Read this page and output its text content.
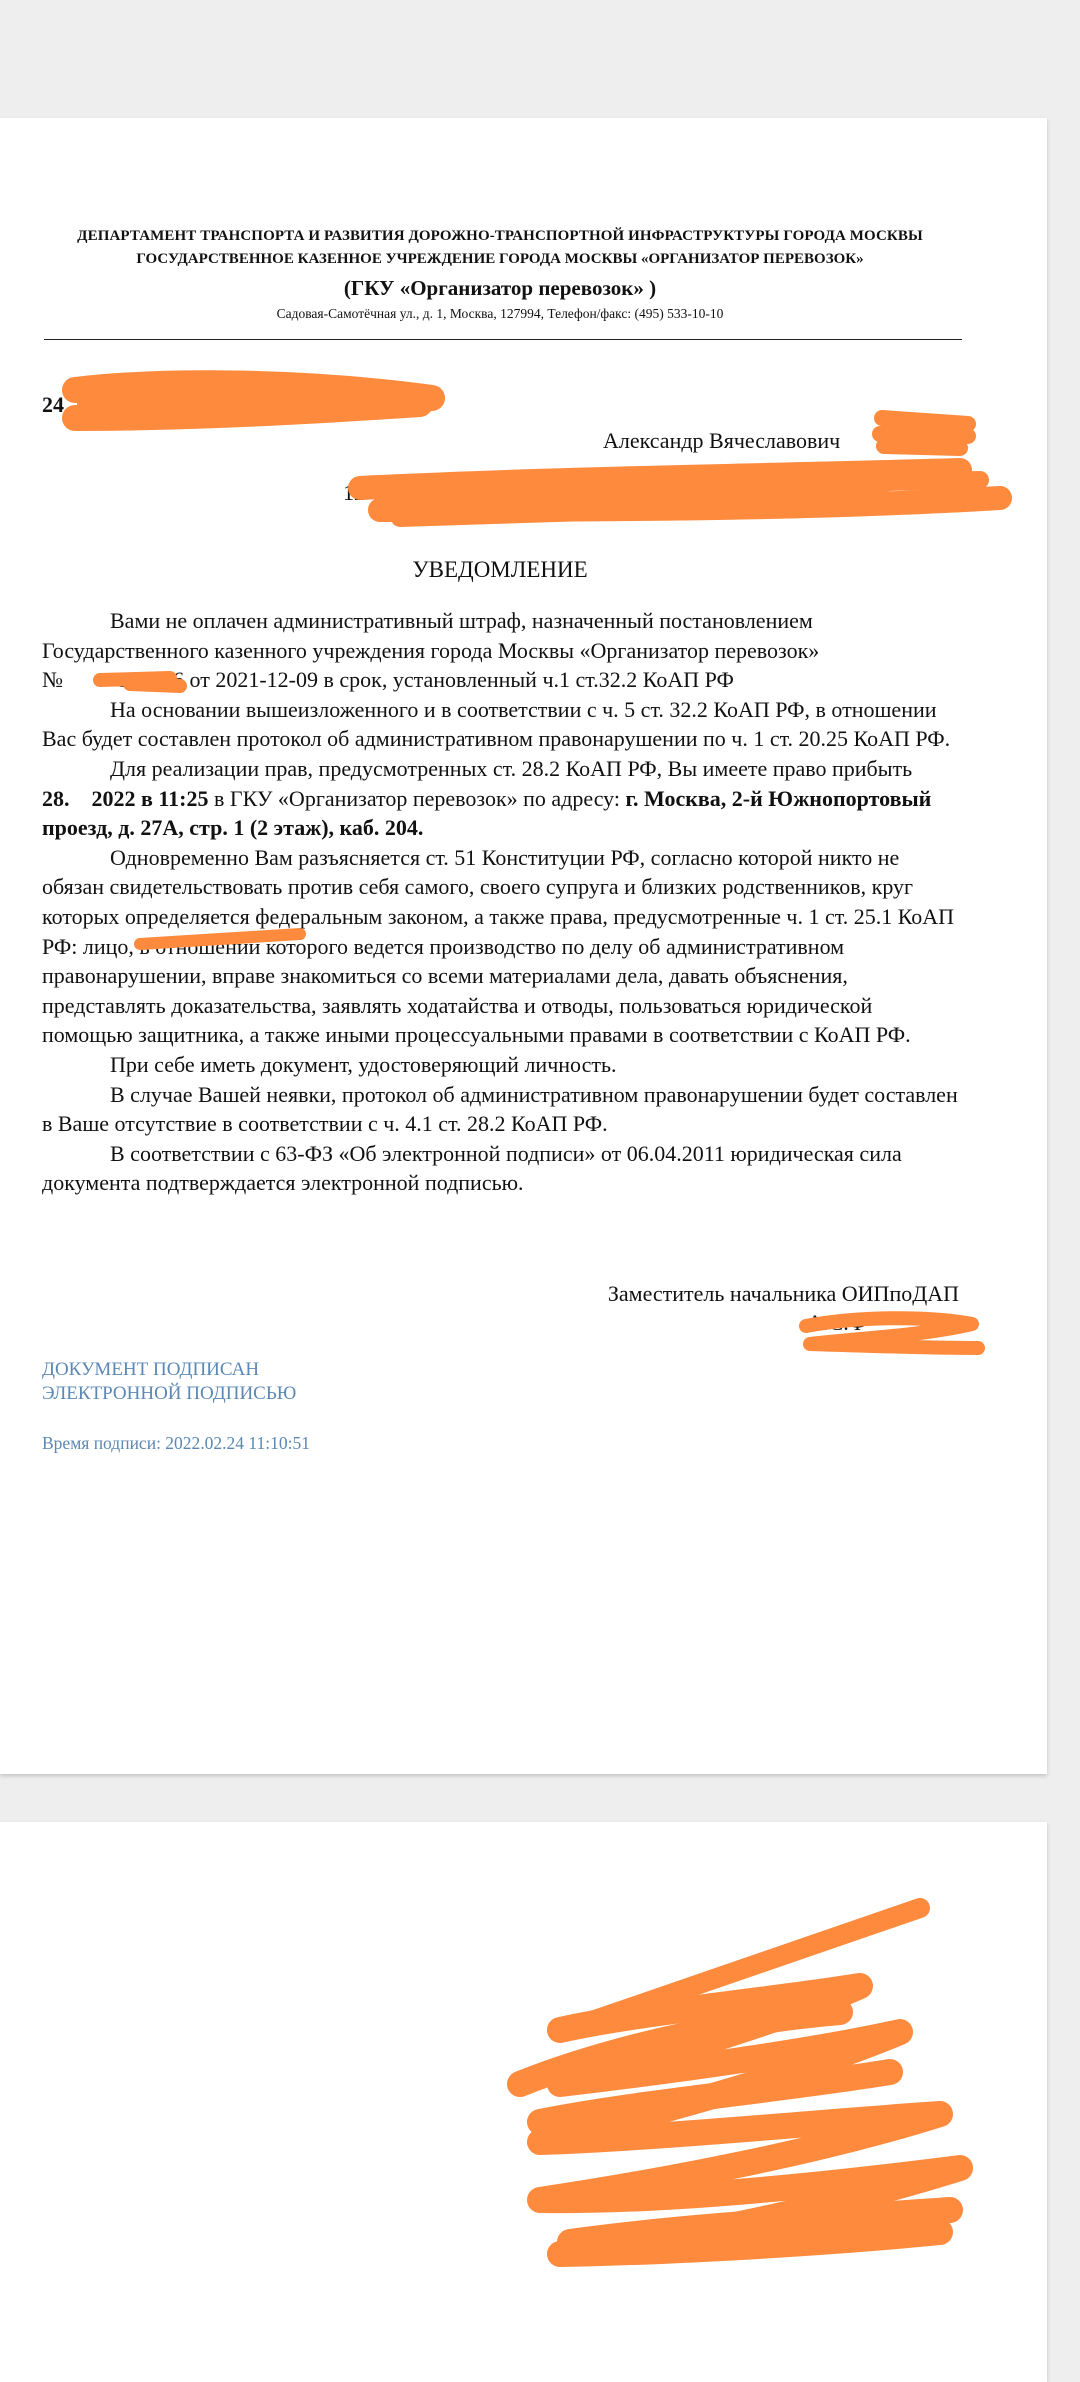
ДЕПАРТАМЕНТ ТРАНСПОРТА И РАЗВИТИЯ ДОРОЖНО-ТРАНСПОРТНОЙ ИНФРАСТРУКТУРЫ ГОРОДА МОСКВЫ
ГОСУДАРСТВЕННОЕ КАЗЕННОЕ УЧРЕЖДЕНИЕ ГОРОДА МОСКВЫ «ОРГАНИЗАТОР ПЕРЕВОЗОК»
(ГКУ «Организатор перевозок» )
Садовая-Самотёчная ул., д. 1, Москва, 127994, Телефон/факс: (495) 533-10-10
24
Александр Вячеславович
12
УВЕДОМЛЕНИЕ

Вами не оплачен административный штраф, назначенный постановлением Государственного казенного учреждения города Москвы «Организатор перевозок» №	302406 от 2021-12-09 в срок, установленный ч.1 ст.32.2 КоАП РФ

На основании вышеизложенного и в соответствии с ч. 5 ст. 32.2 КоАП РФ, в отношении Вас будет составлен протокол об административном правонарушении по ч. 1 ст. 20.25 КоАП РФ.

Для реализации прав, предусмотренных ст. 28.2 КоАП РФ, Вы имеете право прибыть 28. 2022 в 11:25 в ГКУ «Организатор перевозок» по адресу: г. Москва, 2-й Южнопортовый проезд, д. 27А, стр. 1 (2 этаж), каб. 204.

Одновременно Вам разъясняется ст. 51 Конституции РФ, согласно которой никто не обязан свидетельствовать против себя самого, своего супруга и близких родственников, круг которых определяется федеральным законом, а также права, предусмотренные ч. 1 ст. 25.1 КоАП РФ: лицо, в отношении которого ведется производство по делу об административном правонарушении, вправе знакомиться со всеми материалами дела, давать объяснения, представлять доказательства, заявлять ходатайства и отводы, пользоваться юридической помощью защитника, а также иными процессуальными правами в соответствии с КоАП РФ.

При себе иметь документ, удостоверяющий личность.

В случае Вашей неявки, протокол об административном правонарушении будет составлен в Ваше отсутствие в соответствии с ч. 4.1 ст. 28.2 КоАП РФ.

В соответствии с 63-ФЗ «Об электронной подписи» от 06.04.2011 юридическая сила документа подтверждается электронной подписью.

Заместитель начальника ОИПпоДАП
А.С.Ф	ов
ДОКУМЕНТ ПОДПИСАН
ЭЛЕКТРОННОЙ ПОДПИСЬЮ
Время подписи: 2022.02.24 11:10:51
